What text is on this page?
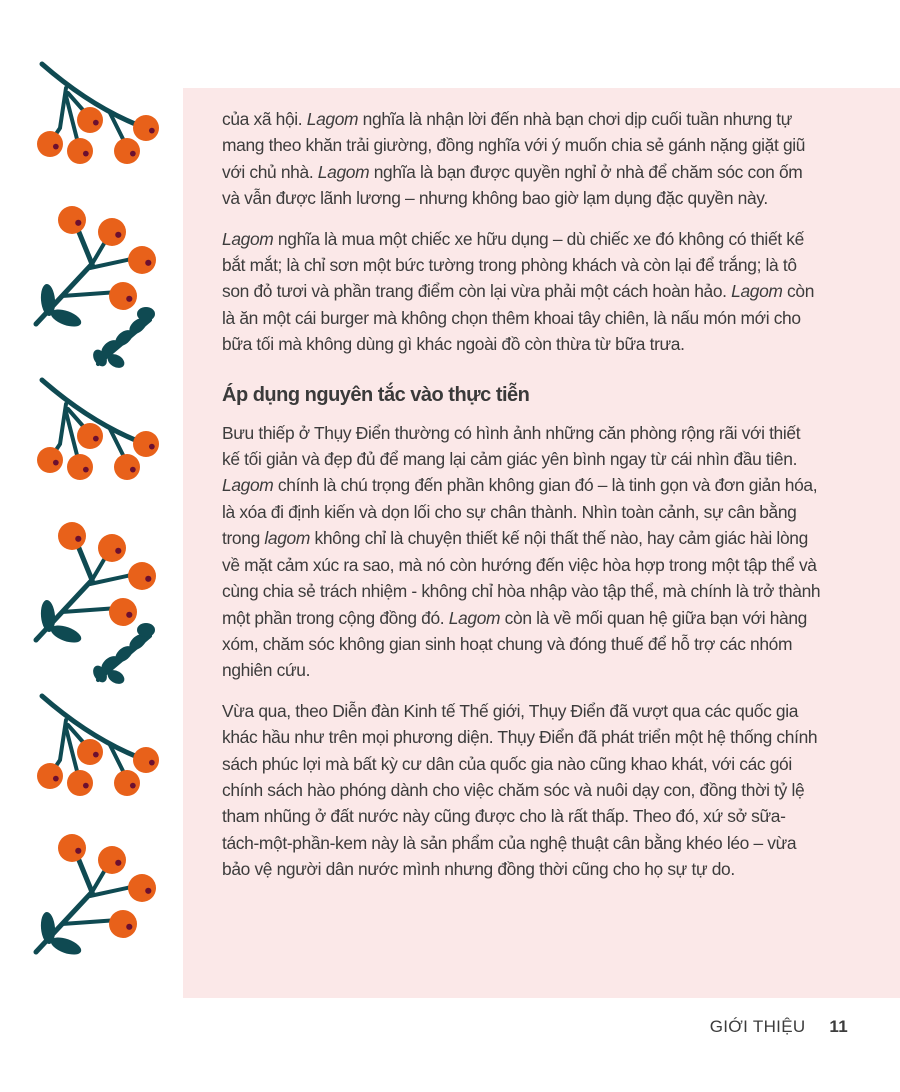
của xã hội. Lagom nghĩa là nhận lời đến nhà bạn chơi dịp cuối tuần nhưng tự mang theo khăn trải giường, đồng nghĩa với ý muốn chia sẻ gánh nặng giặt giũ với chủ nhà. Lagom nghĩa là bạn được quyền nghỉ ở nhà để chăm sóc con ốm và vẫn được lãnh lương – nhưng không bao giờ lạm dụng đặc quyền này.

Lagom nghĩa là mua một chiếc xe hữu dụng – dù chiếc xe đó không có thiết kế bắt mắt; là chỉ sơn một bức tường trong phòng khách và còn lại để trắng; là tô son đỏ tươi và phần trang điểm còn lại vừa phải một cách hoàn hảo. Lagom còn là ăn một cái burger mà không chọn thêm khoai tây chiên, là nấu món mới cho bữa tối mà không dùng gì khác ngoài đồ còn thừa từ bữa trưa.

Áp dụng nguyên tắc vào thực tiễn

Bưu thiếp ở Thụy Điển thường có hình ảnh những căn phòng rộng rãi với thiết kế tối giản và đẹp đủ để mang lại cảm giác yên bình ngay từ cái nhìn đầu tiên. Lagom chính là chú trọng đến phần không gian đó – là tinh gọn và đơn giản hóa, là xóa đi định kiến và dọn lối cho sự chân thành. Nhìn toàn cảnh, sự cân bằng trong lagom không chỉ là chuyện thiết kế nội thất thế nào, hay cảm giác hài lòng về mặt cảm xúc ra sao, mà nó còn hướng đến việc hòa hợp trong một tập thể và cùng chia sẻ trách nhiệm - không chỉ hòa nhập vào tập thể, mà chính là trở thành một phần trong cộng đồng đó. Lagom còn là về mối quan hệ giữa bạn với hàng xóm, chăm sóc không gian sinh hoạt chung và đóng thuế để hỗ trợ các nhóm nghiên cứu.

Vừa qua, theo Diễn đàn Kinh tế Thế giới, Thụy Điển đã vượt qua các quốc gia khác hầu như trên mọi phương diện. Thụy Điển đã phát triển một hệ thống chính sách phúc lợi mà bất kỳ cư dân của quốc gia nào cũng khao khát, với các gói chính sách hào phóng dành cho việc chăm sóc và nuôi dạy con, đồng thời tỷ lệ tham nhũng ở đất nước này cũng được cho là rất thấp. Theo đó, xứ sở sữa-tách-một-phần-kem này là sản phẩm của nghệ thuật cân bằng khéo léo – vừa bảo vệ người dân nước mình nhưng đồng thời cũng cho họ sự tự do.

GIỚI THIỆU 11
